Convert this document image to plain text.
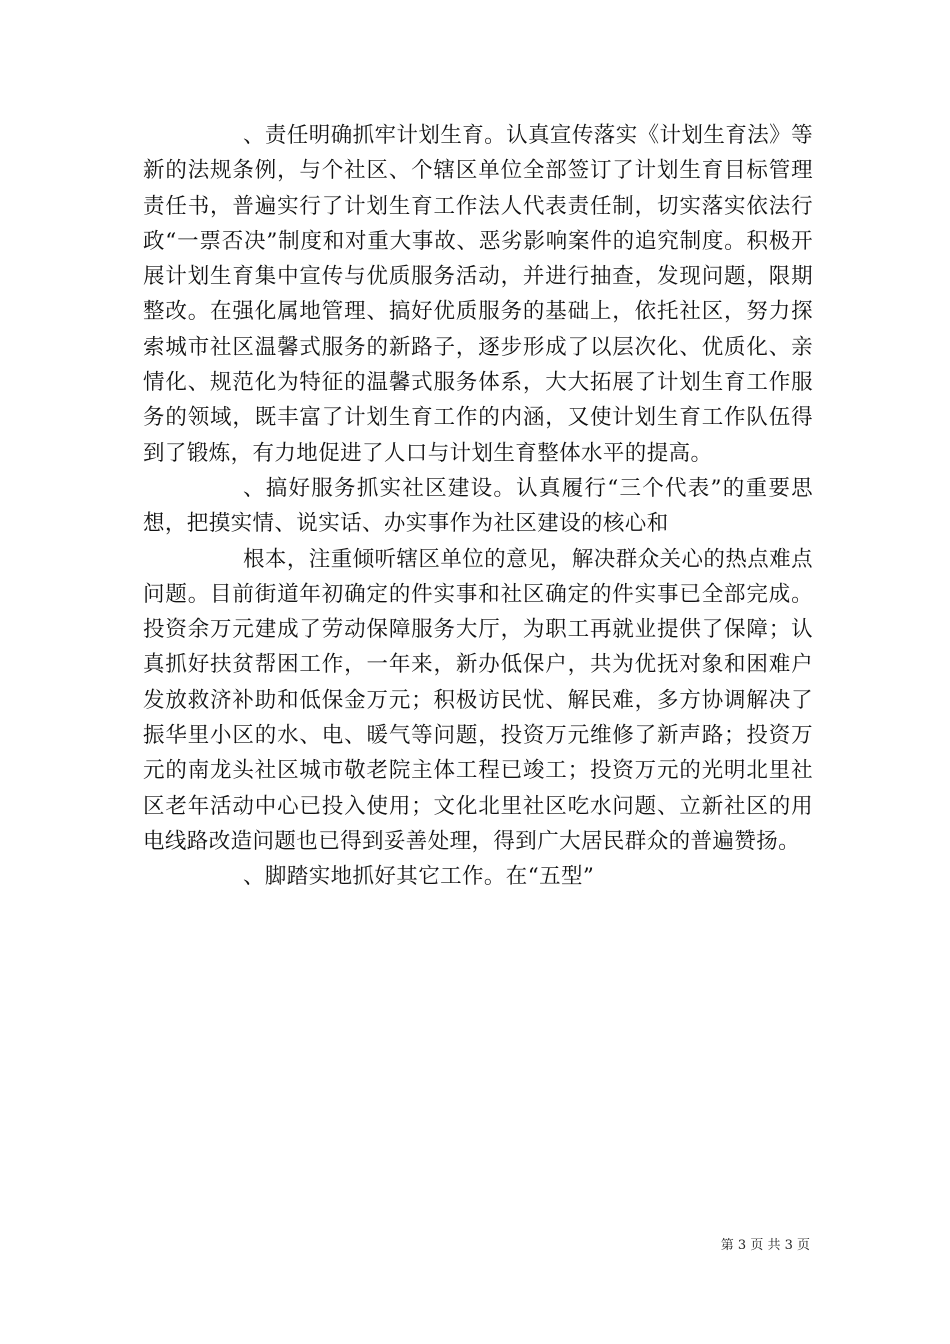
、责任明确抓牢计划生育。认真宣传落实《计划生育法》等新的法规条例，与个社区、个辖区单位全部签订了计划生育目标管理责任书，普遍实行了计划生育工作法人代表责任制，切实落实依法行政“一票否决”制度和对重大事故、恶劣影响案件的追究制度。积极开展计划生育集中宣传与优质服务活动，并进行抽查，发现问题，限期整改。在强化属地管理、搞好优质服务的基础上，依托社区，努力探索城市社区温馨式服务的新路子，逐步形成了以层次化、优质化、亲情化、规范化为特征的温馨式服务体系，大大拓展了计划生育工作服务的领域，既丰富了计划生育工作的内涵，又使计划生育工作队伍得到了锻炼，有力地促进了人口与计划生育整体水平的提高。

、搞好服务抓实社区建设。认真履行“三个代表”的重要思想，把摸实情、说实话、办实事作为社区建设的核心和

根本，注重倾听辖区单位的意见，解决群众关心的热点难点问题。目前街道年初确定的件实事和社区确定的件实事已全部完成。投资余万元建成了劳动保障服务大厅，为职工再就业提供了保障；认真抓好扶贫帮困工作，一年来，新办低保户，共为优抚对象和困难户发放救济补助和低保金万元；积极访民忧、解民难，多方协调解决了振华里小区的水、电、暖气等问题，投资万元维修了新声路；投资万元的南龙头社区城市敬老院主体工程已竣工；投资万元的光明北里社区老年活动中心已投入使用；文化北里社区吃水问题、立新社区的用电线路改造问题也已得到妥善处理，得到广大居民群众的普遍赞扬。

、脚踏实地抓好其它工作。在“五型”

第 3 页 共 3 页
